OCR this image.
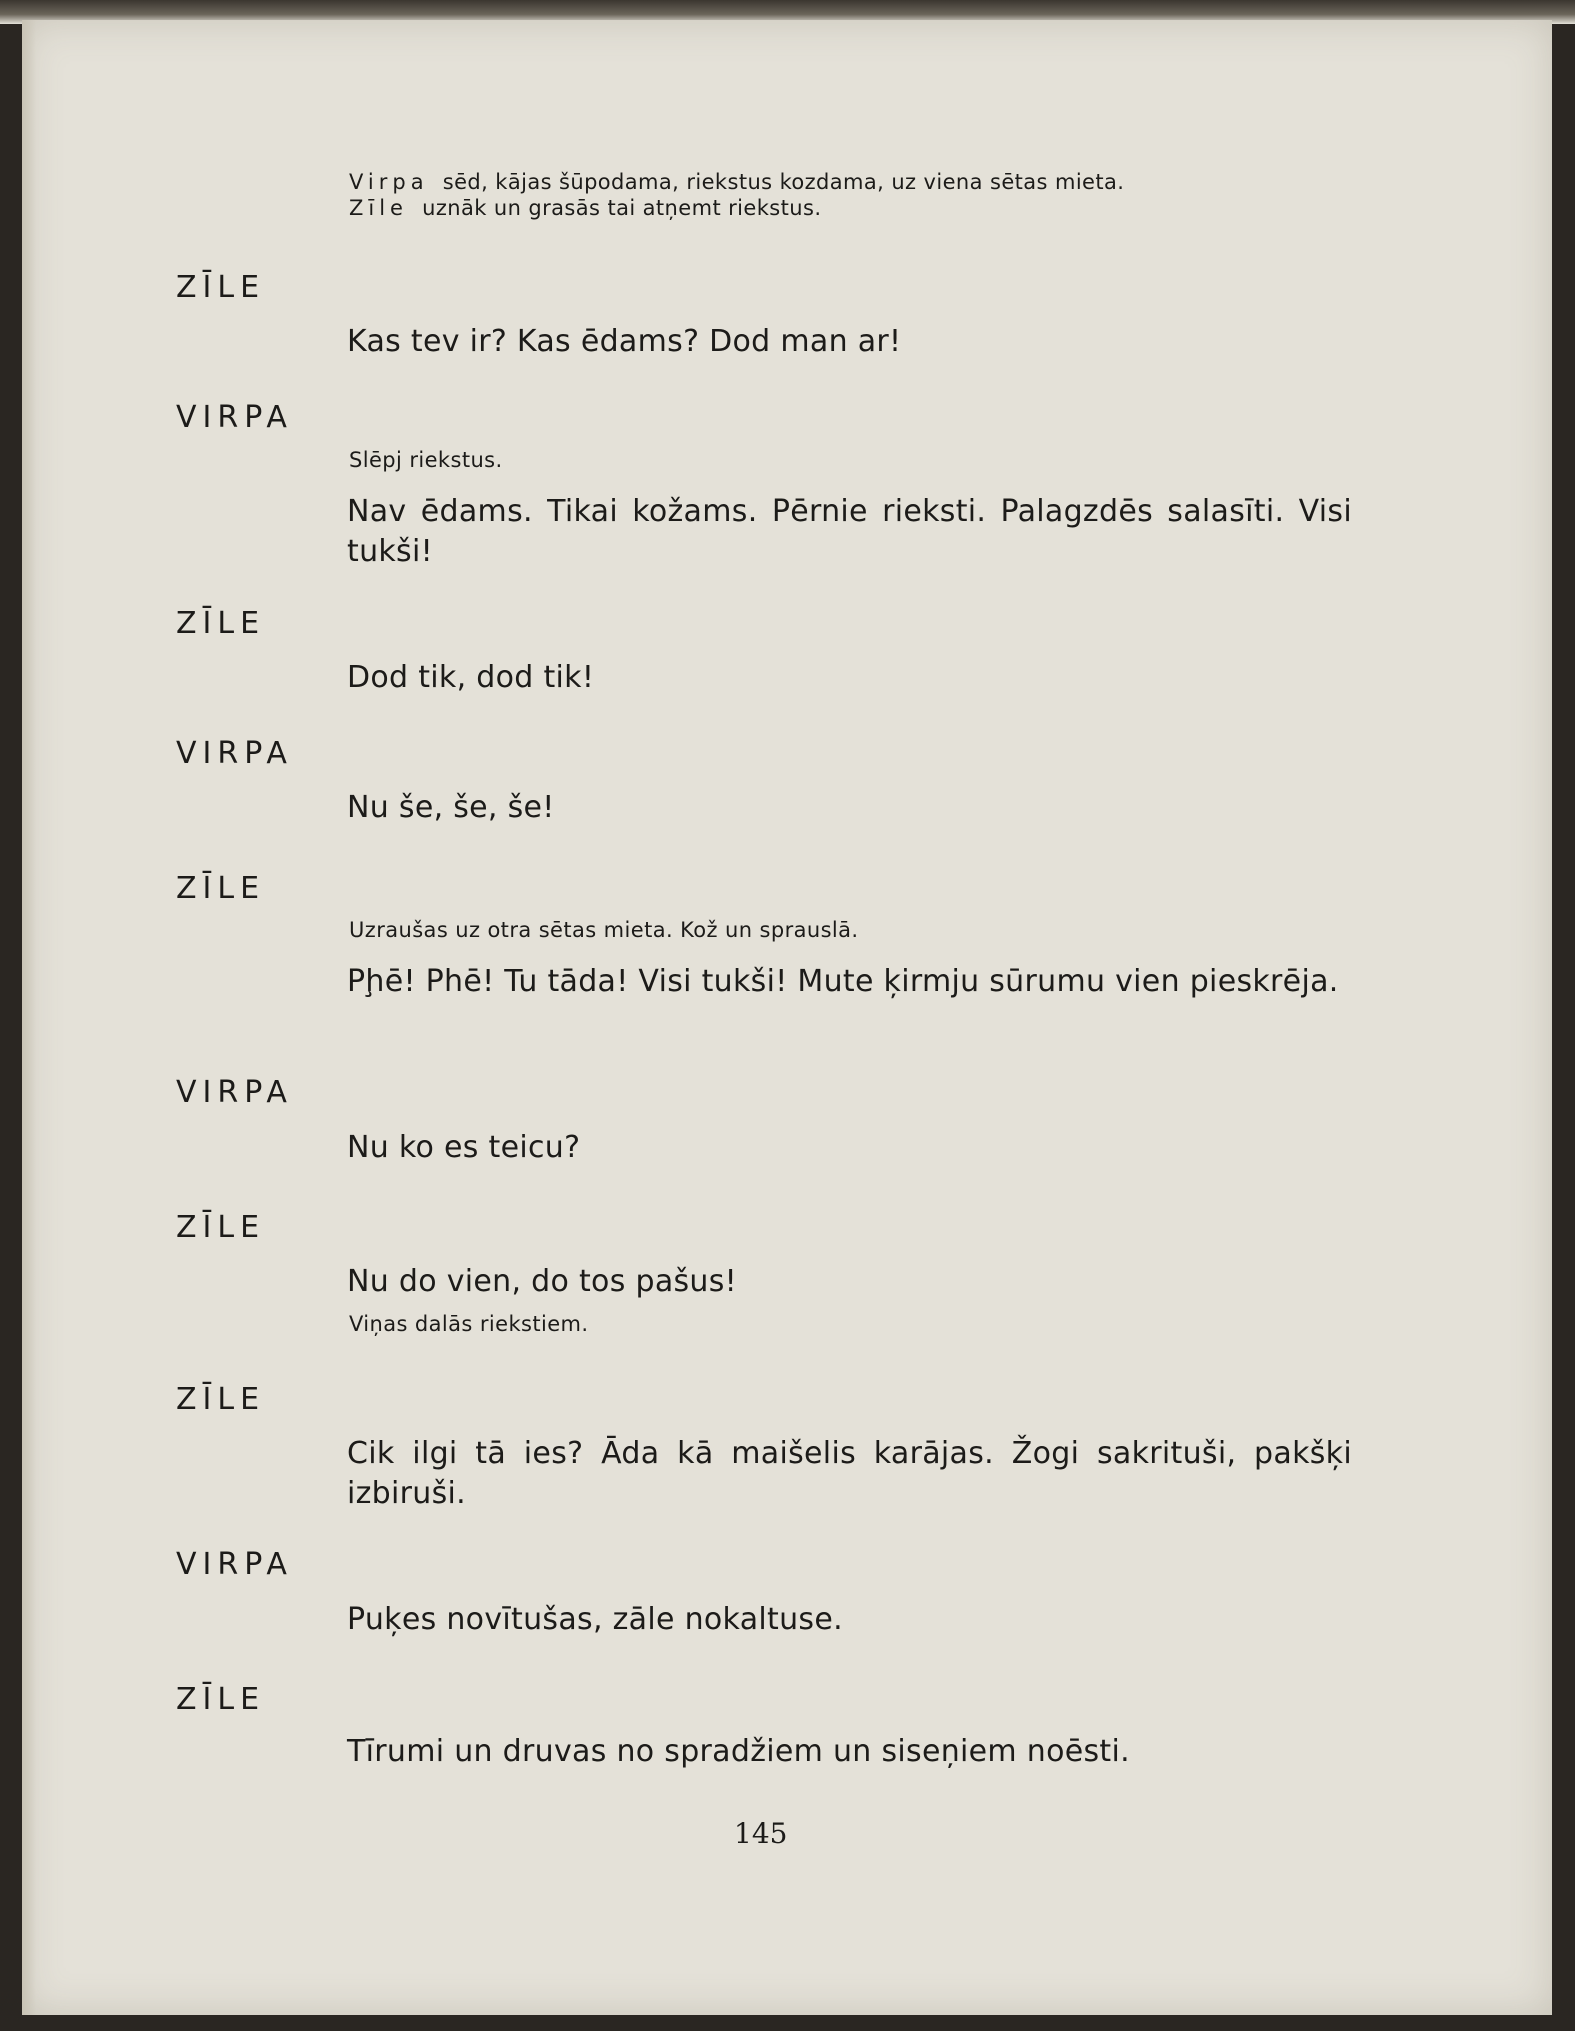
Virpa sēd, kājas šūpodama, riekstus kozdama, uz viena sētas mieta.

Zīle uznāk un grasās tai atņemt riekstus.

ZĪLE

Kas tev ir? Kas ēdams? Dod man ar!

VIRPA

Slēpj riekstus.

Nav ēdams. Tikai kožams. Pērnie rieksti. Palagzdēs salasīti. Visi tukši!

ZĪLE

Dod tik, dod tik!

VIRPA

Nu še, še, še!

ZĪLE

Uzraušas uz otra sētas mieta. Kož un sprauslā.

Pḩē! Phē! Tu tāda! Visi tukši! Mute ķirmju sūrumu vien pieskrēja.

VIRPA

Nu ko es teicu?

ZĪLE

Nu do vien, do tos pašus!

Viņas dalās riekstiem.

ZĪLE

Cik ilgi tā ies? Āda kā maišelis karājas. Žogi sakrituši, pakšķi izbiruši.

VIRPA

Puķes novītušas, zāle nokaltuse.

ZĪLE

Tīrumi un druvas no spradžiem un siseņiem noēsti.

145
